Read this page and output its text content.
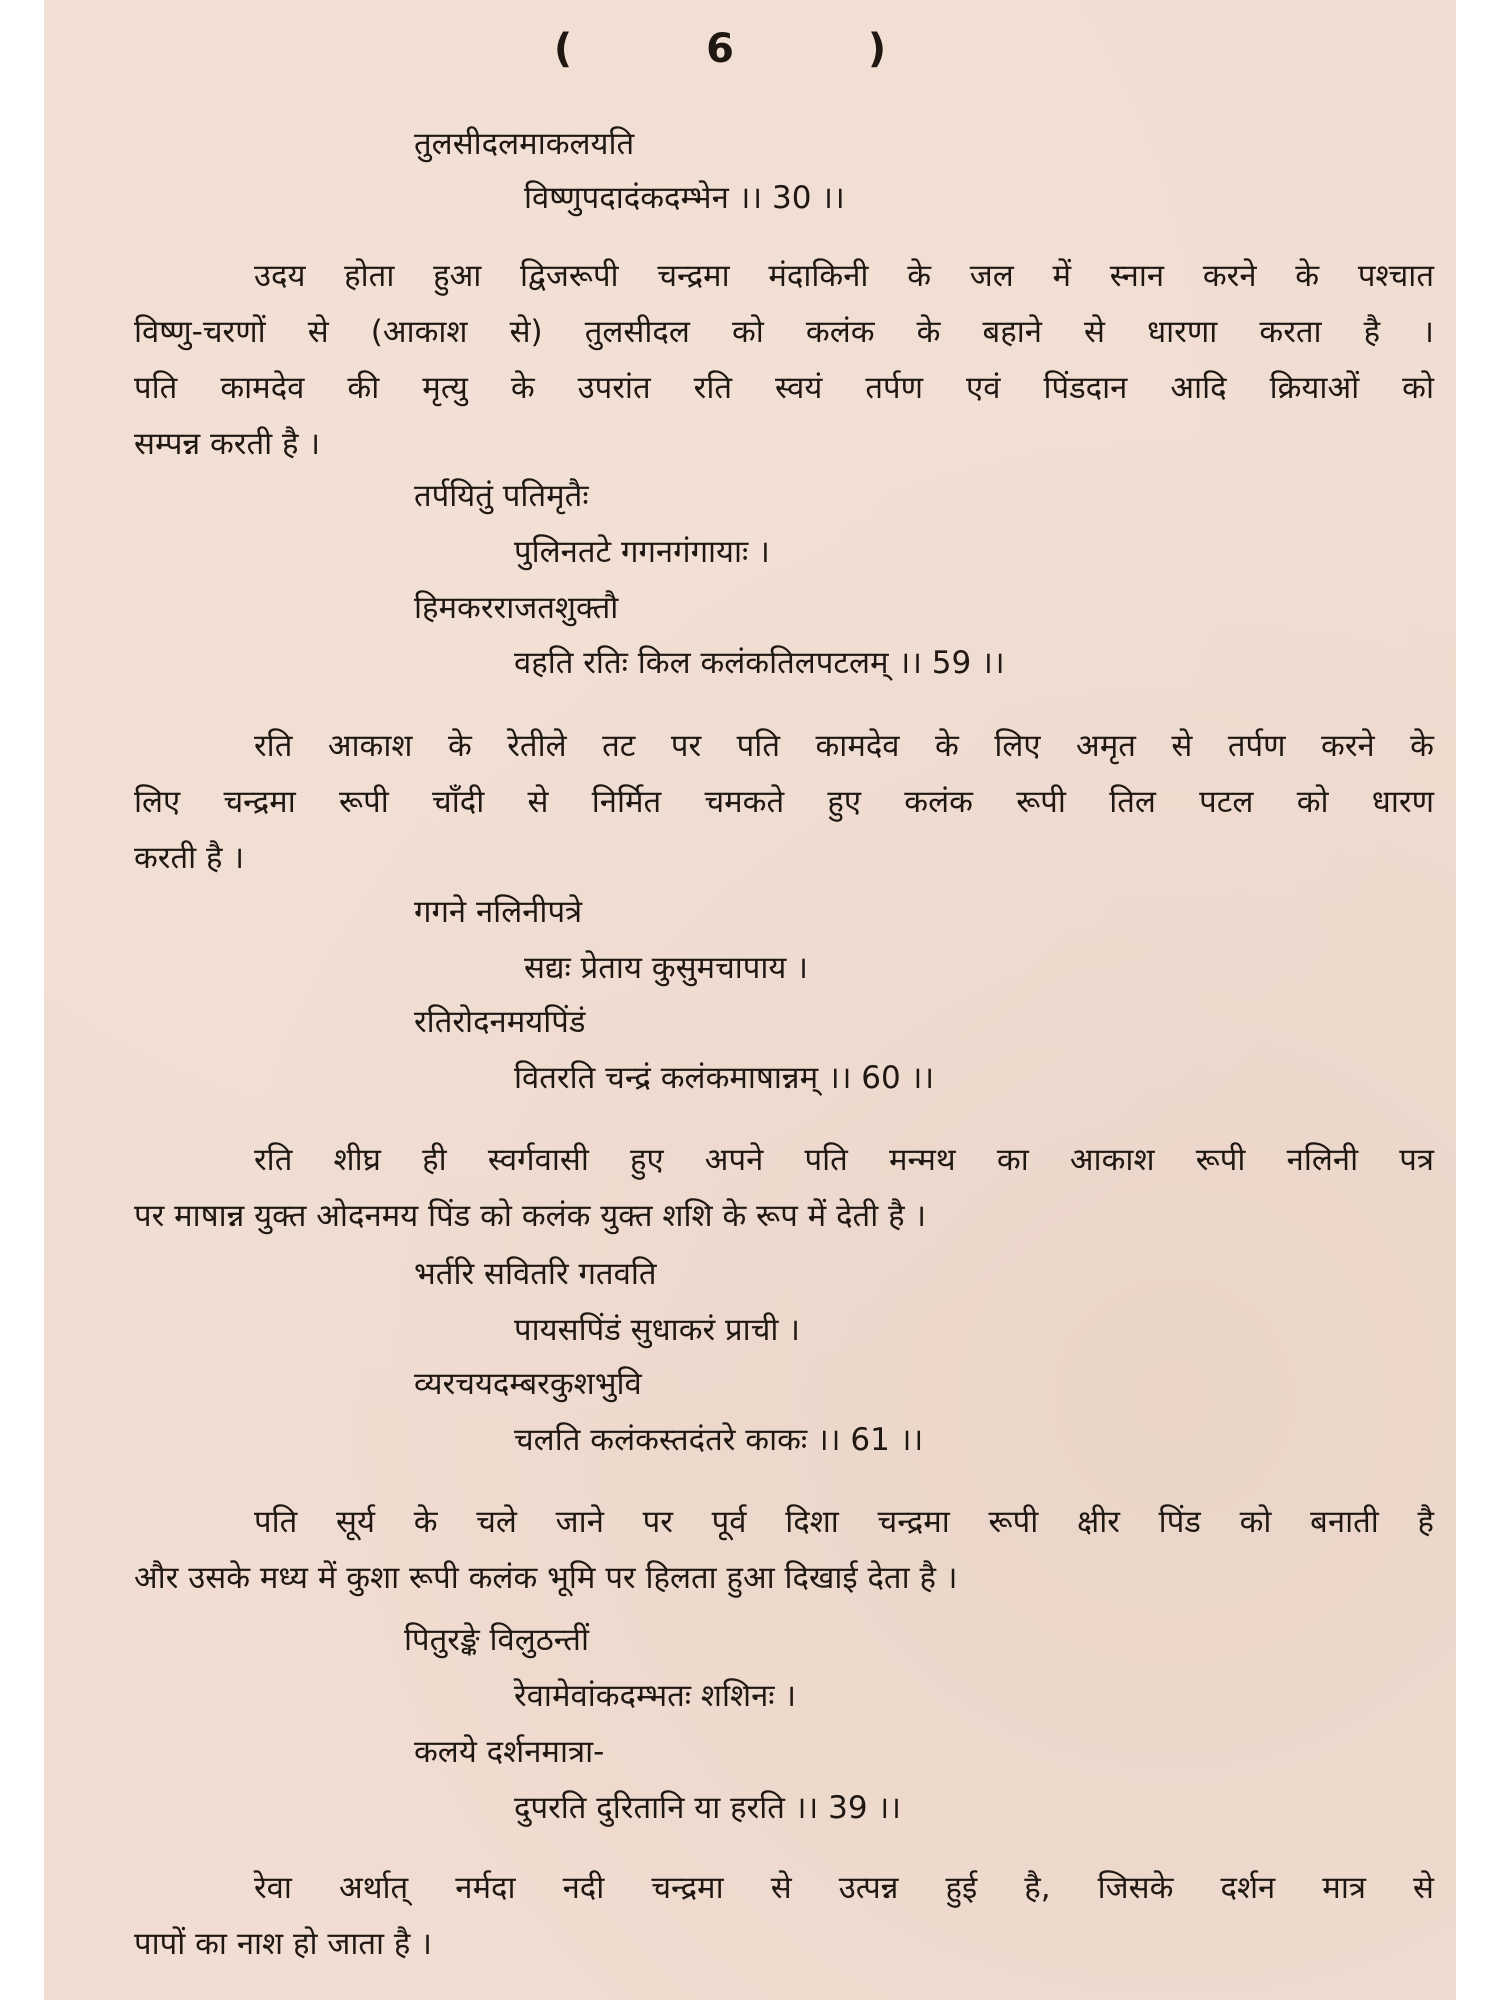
( 6 )
तुलसीदलमाकलयति
विष्णुपदादंकदम्भेन ।। 30 ।।
उदय होता हुआ द्विजरूपी चन्द्रमा मंदाकिनी के जल में स्नान करने के पश्चात
विष्णु-चरणों से (आकाश से) तुलसीदल को कलंक के बहाने से धारणा करता है ।
पति कामदेव की मृत्यु के उपरांत रति स्वयं तर्पण एवं पिंडदान आदि क्रियाओं को
सम्पन्न करती है ।
तर्पयितुं पतिमृतैः
पुलिनतटे गगनगंगायाः ।
हिमकरराजतशुक्तौ
वहति रतिः किल कलंकतिलपटलम् ।। 59 ।।
रति आकाश के रेतीले तट पर पति कामदेव के लिए अमृत से तर्पण करने के
लिए चन्द्रमा रूपी चाँदी से निर्मित चमकते हुए कलंक रूपी तिल पटल को धारण
करती है ।
गगने नलिनीपत्रे
सद्यः प्रेताय कुसुमचापाय ।
रतिरोदनमयपिंडं
वितरति चन्द्रं कलंकमाषान्नम् ।। 60 ।।
रति शीघ्र ही स्वर्गवासी हुए अपने पति मन्मथ का आकाश रूपी नलिनी पत्र
पर माषान्न युक्त ओदनमय पिंड को कलंक युक्त शशि के रूप में देती है ।
भर्तरि सवितरि गतवति
पायसपिंडं सुधाकरं प्राची ।
व्यरचयदम्बरकुशभुवि
चलति कलंकस्तदंतरे काकः ।। 61 ।।
पति सूर्य के चले जाने पर पूर्व दिशा चन्द्रमा रूपी क्षीर पिंड को बनाती है
और उसके मध्य में कुशा रूपी कलंक भूमि पर हिलता हुआ दिखाई देता है ।
पितुरङ्के विलुठन्तीं
रेवामेवांकदम्भतः शशिनः ।
कलये दर्शनमात्रा-
दुपरति दुरितानि या हरति ।। 39 ।।
रेवा अर्थात् नर्मदा नदी चन्द्रमा से उत्पन्न हुई है, जिसके दर्शन मात्र से
पापों का नाश हो जाता है ।
